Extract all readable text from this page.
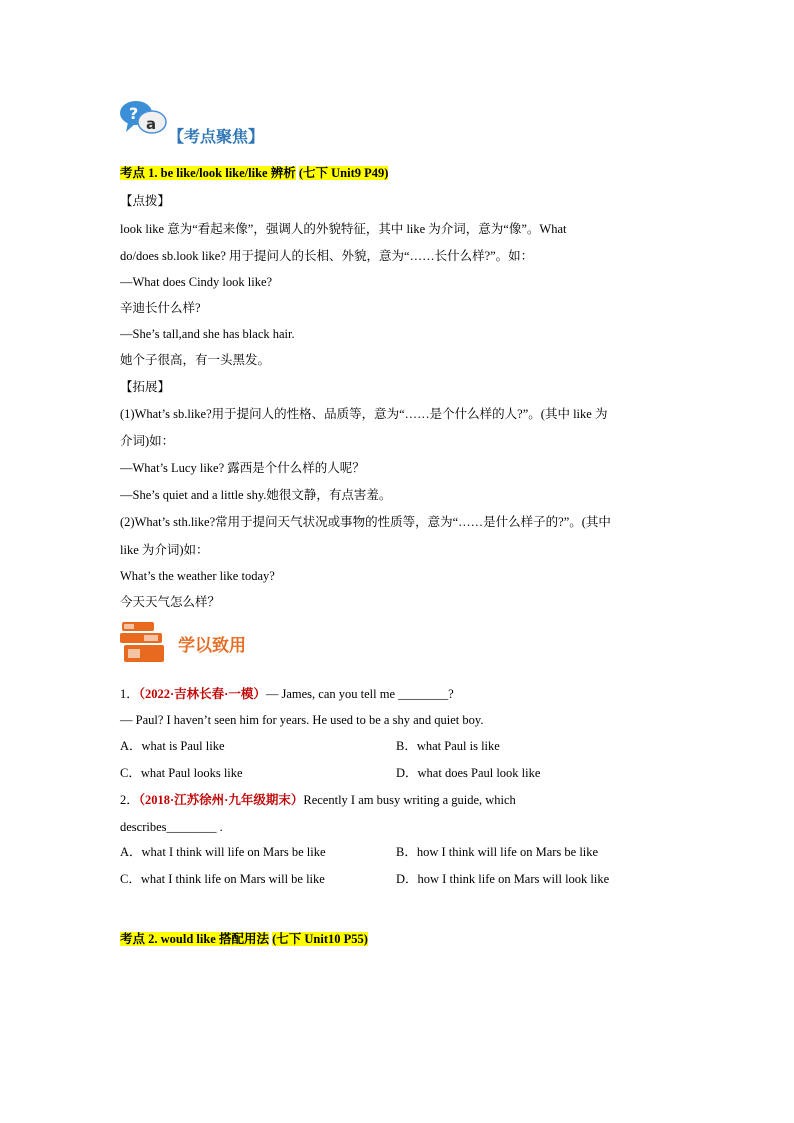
?
a
【考点聚焦】
考点 1. be like/look like/like 辨析 (七下 Unit9 P49)
【点拨】
look like 意为“看起来像”，强调人的外貌特征，其中 like 为介词，意为“像”。What
do/does sb.look like? 用于提问人的长相、外貌，意为“……长什么样?”。如：
—What does Cindy look like?
辛迪长什么样?
—She’s tall,and she has black hair.
她个子很高，有一头黑发。
【拓展】
(1)What’s sb.like?用于提问人的性格、品质等，意为“……是个什么样的人?”。(其中 like 为
介词)如：
—What’s Lucy like? 露西是个什么样的人呢？
—She’s quiet and a little shy.她很文静，有点害羞。
(2)What’s sth.like?常用于提问天气状况或事物的性质等，意为“……是什么样子的?”。(其中
like 为介词)如：
What’s the weather like today?
今天天气怎么样？
学以致用
1．（2022·吉林长春·一模）— James, can you tell me ________?
— Paul? I haven’t seen him for years. He used to be a shy and quiet boy.
A．what is Paul like	B．what Paul is like
C．what Paul looks like	D．what does Paul look like
2．（2018·江苏徐州·九年级期末）Recently I am busy writing a guide, which
describes________ .
A．what I think will life on Mars be like	B．how I think will life on Mars be like
C．what I think life on Mars will be like	D．how I think life on Mars will look like
考点 2. would like 搭配用法 (七下 Unit10 P55)
